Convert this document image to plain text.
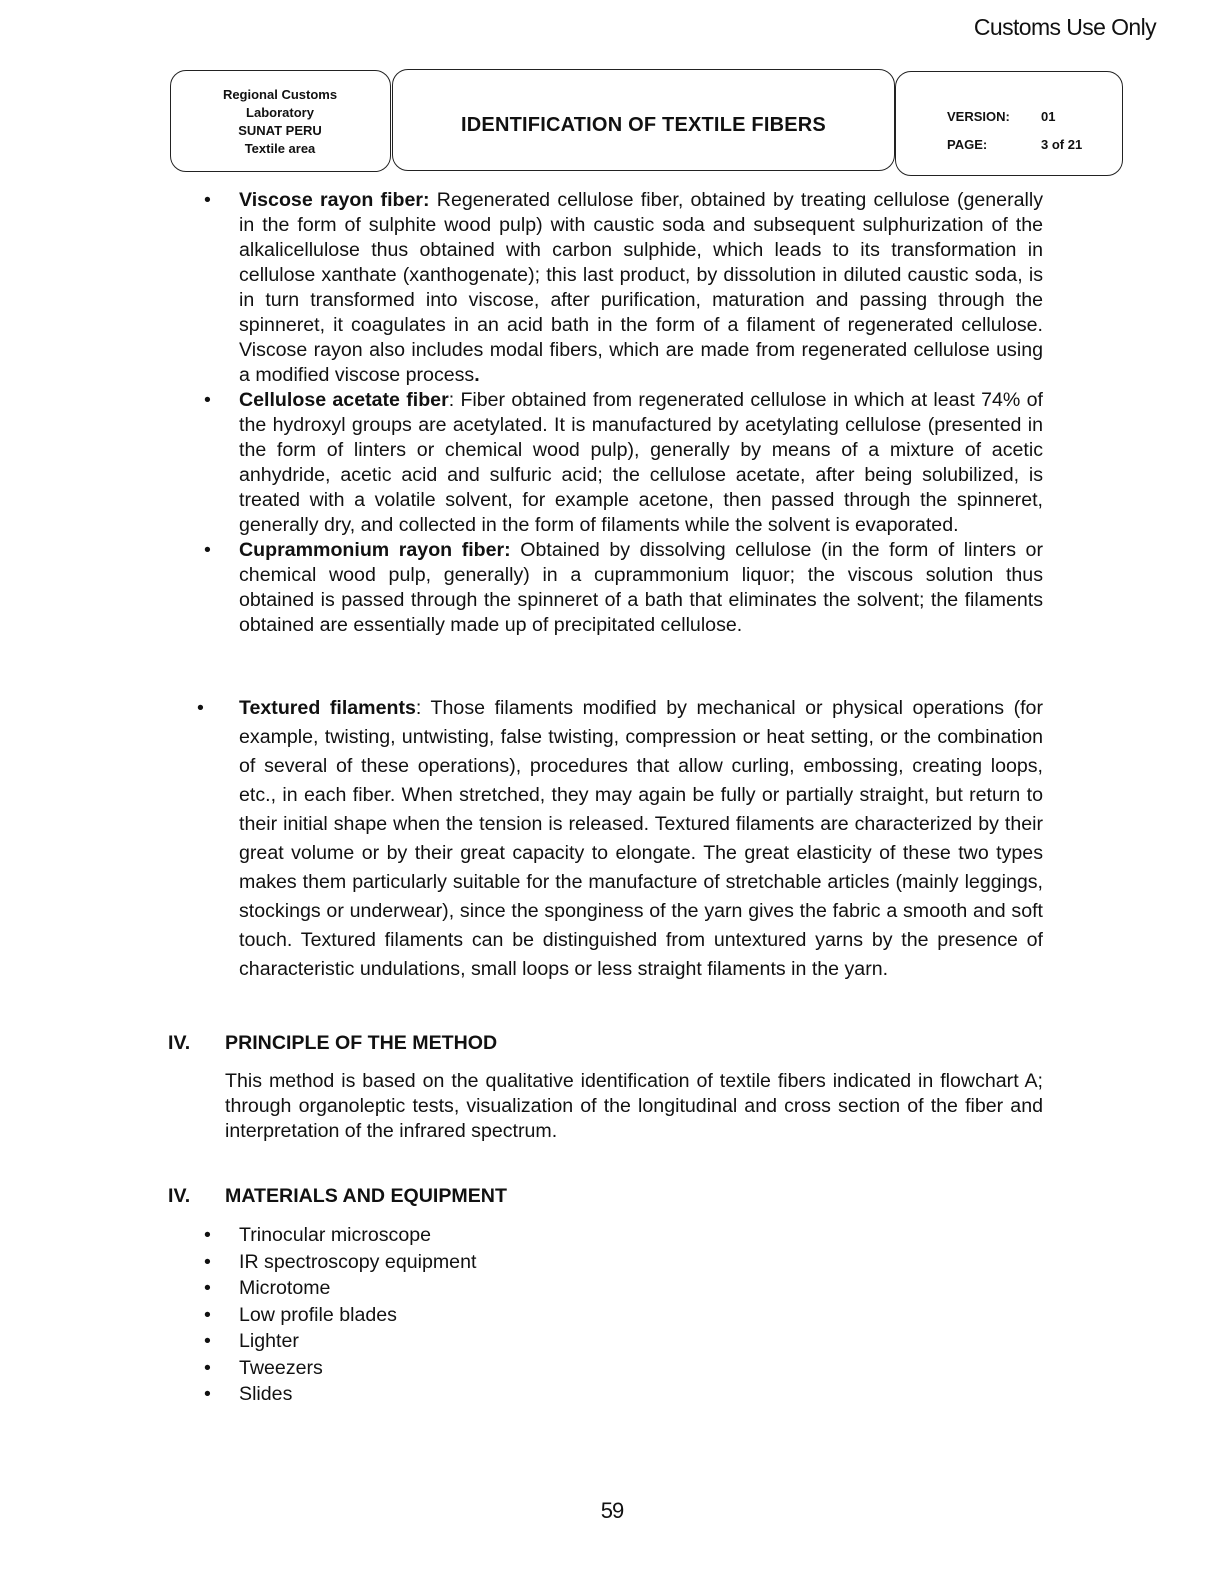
Customs Use Only
Regional Customs
Laboratory
SUNAT PERU
Textile area
IDENTIFICATION OF TEXTILE FIBERS	VERSION: 01
PAGE:	3 of 21
• Viscose rayon fiber: Regenerated cellulose fiber, obtained by treating cellulose (generally in the form of sulphite wood pulp) with caustic soda and subsequent sulphurization of the alkalicellulose thus obtained with carbon sulphide, which leads to its transformation in cellulose xanthate (xanthogenate); this last product, by dissolution in diluted caustic soda, is in turn transformed into viscose, after purification, maturation and passing through the spinneret, it coagulates in an acid bath in the form of a filament of regenerated cellulose. Viscose rayon also includes modal fibers, which are made from regenerated cellulose using a modified viscose process.
• Cellulose acetate fiber: Fiber obtained from regenerated cellulose in which at least 74% of the hydroxyl groups are acetylated. It is manufactured by acetylating cellulose (presented in the form of linters or chemical wood pulp), generally by means of a mixture of acetic anhydride, acetic acid and sulfuric acid; the cellulose acetate, after being solubilized, is treated with a volatile solvent, for example acetone, then passed through the spinneret, generally dry, and collected in the form of filaments while the solvent is evaporated.
• Cuprammonium rayon fiber: Obtained by dissolving cellulose (in the form of linters or chemical wood pulp, generally) in a cuprammonium liquor; the viscous solution thus obtained is passed through the spinneret of a bath that eliminates the solvent; the filaments obtained are essentially made up of precipitated cellulose.
• Textured filaments: Those filaments modified by mechanical or physical operations (for example, twisting, untwisting, false twisting, compression or heat setting, or the combination of several of these operations), procedures that allow curling, embossing, creating loops, etc., in each fiber. When stretched, they may again be fully or partially straight, but return to their initial shape when the tension is released. Textured filaments are characterized by their great volume or by their great capacity to elongate. The great elasticity of these two types makes them particularly suitable for the manufacture of stretchable articles (mainly leggings, stockings or underwear), since the sponginess of the yarn gives the fabric a smooth and soft touch. Textured filaments can be distinguished from untextured yarns by the presence of characteristic undulations, small loops or less straight filaments in the yarn.
IV. PRINCIPLE OF THE METHOD
This method is based on the qualitative identification of textile fibers indicated in flowchart A; through organoleptic tests, visualization of the longitudinal and cross section of the fiber and interpretation of the infrared spectrum.
IV. MATERIALS AND EQUIPMENT
• Trinocular microscope
• IR spectroscopy equipment
• Microtome
• Low profile blades
• Lighter
• Tweezers
• Slides
59
